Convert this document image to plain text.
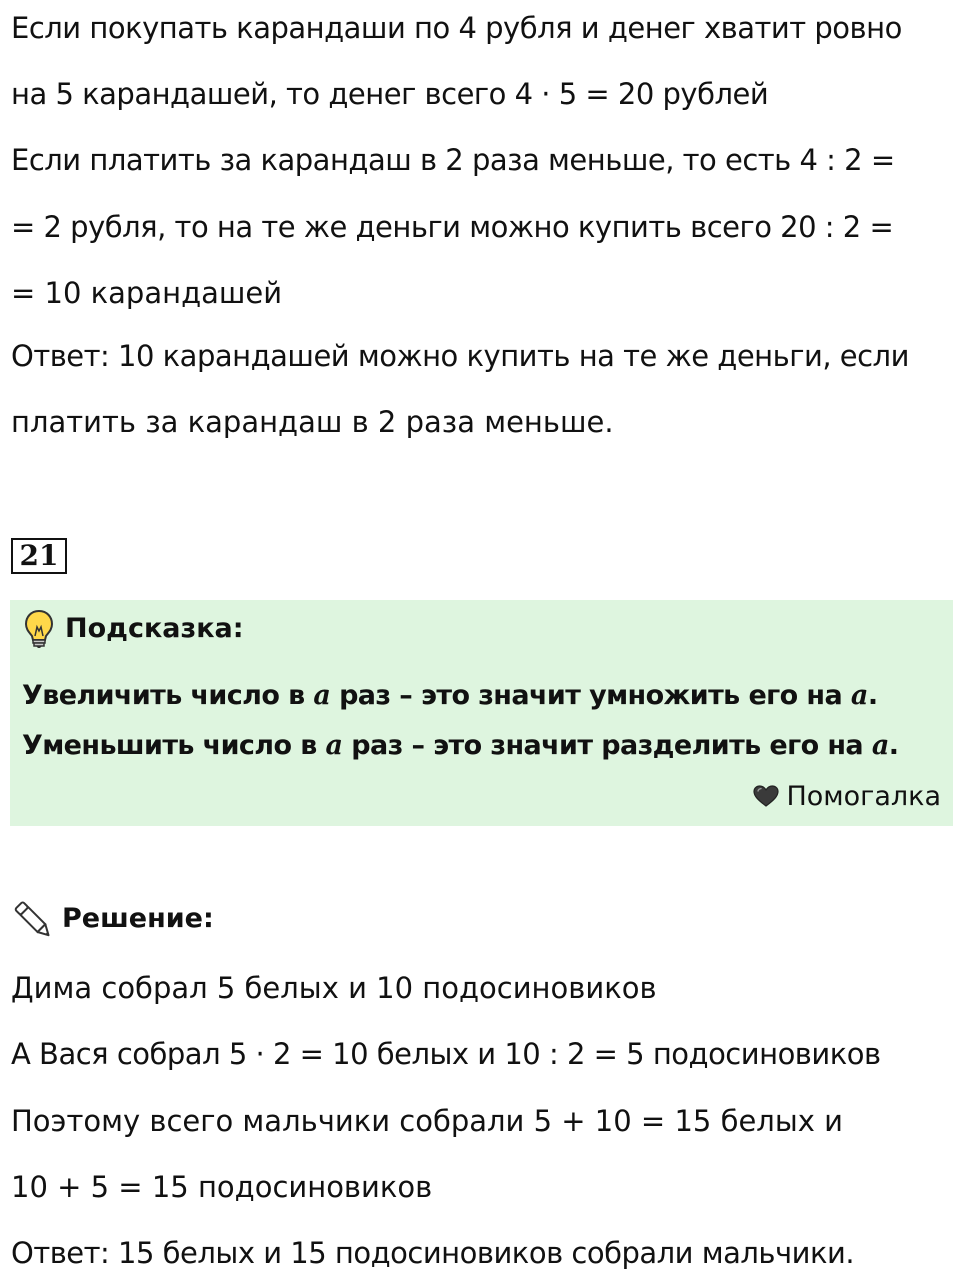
Если покупать карандаши по 4 рубля и денег хватит ровно
на 5 карандашей, то денег всего 4 · 5 = 20 рублей
Если платить за карандаш в 2 раза меньше, то есть 4 : 2 =
= 2 рубля, то на те же деньги можно купить всего 20 : 2 =
= 10 карандашей
Ответ: 10 карандашей можно купить на те же деньги, если
платить за карандаш в 2 раза меньше.
21
Подсказка:
Увеличить число в a раз – это значит умножить его на a.
Уменьшить число в a раз – это значит разделить его на a.
Помогалка
Решение:
Дима собрал 5 белых и 10 подосиновиков
А Вася собрал 5 · 2 = 10 белых и 10 : 2 = 5 подосиновиков
Поэтому всего мальчики собрали 5 + 10 = 15 белых и
10 + 5 = 15 подосиновиков
Ответ: 15 белых и 15 подосиновиков собрали мальчики.
